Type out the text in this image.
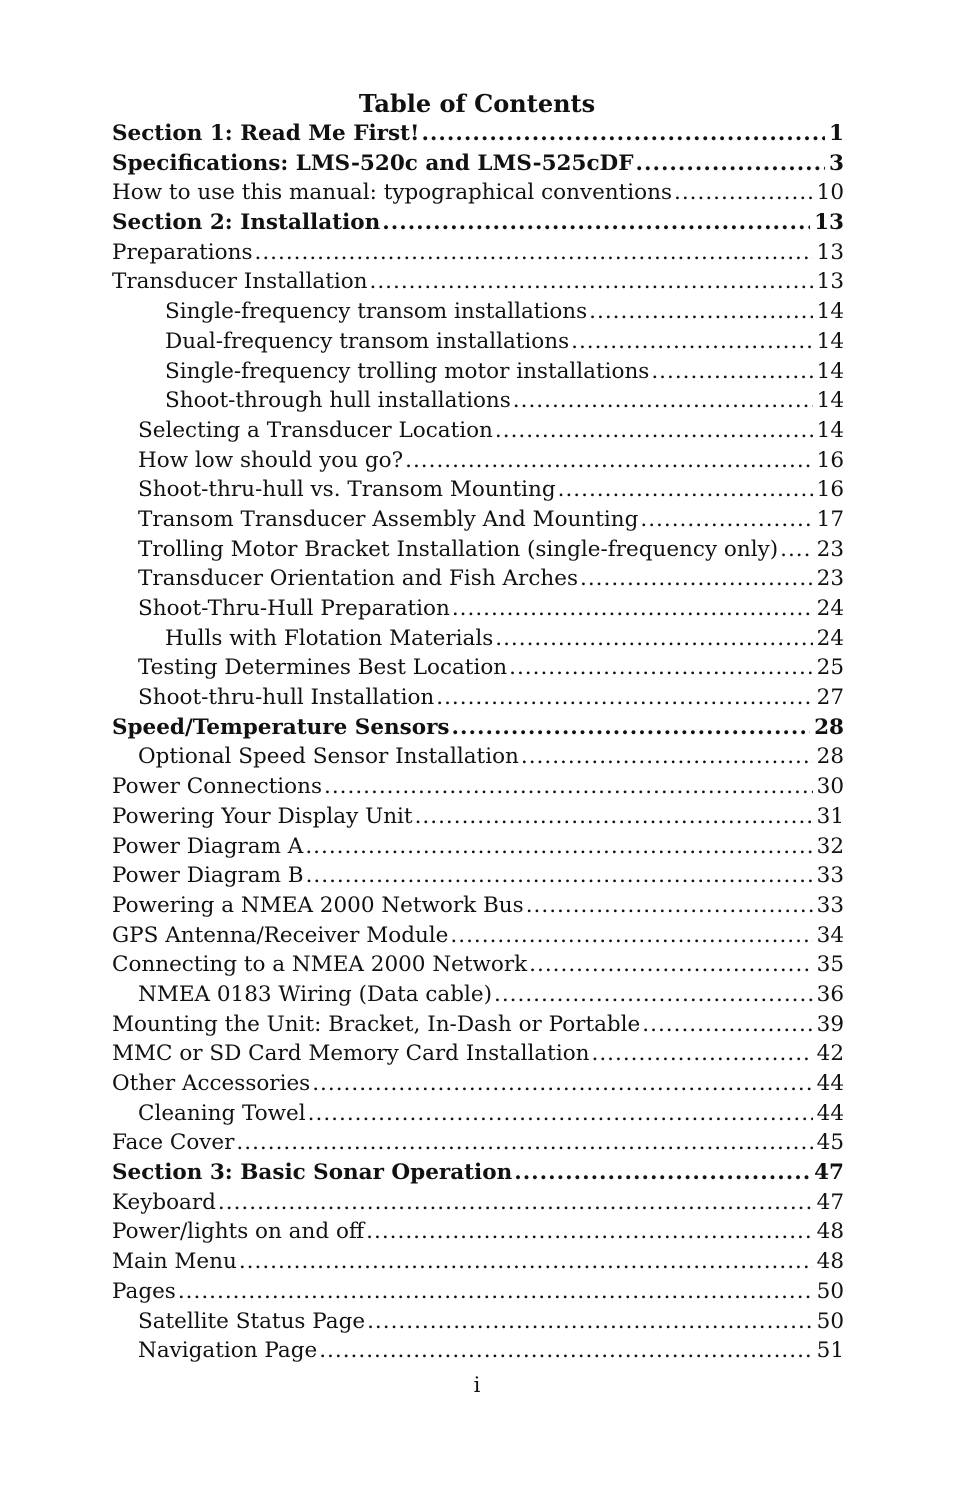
Table of Contents
Section 1: Read Me First! .....	1
Specifications: LMS-520c and LMS-525cDF .....	3
How to use this manual: typographical conventions .....	10
Section 2: Installation .....	13
Preparations .....	13
Transducer Installation .....	13
Single-frequency transom installations .....	14
Dual-frequency transom installations .....	14
Single-frequency trolling motor installations .....	14
Shoot-through hull installations .....	14
Selecting a Transducer Location .....	14
How low should you go? .....	16
Shoot-thru-hull vs. Transom Mounting .....	16
Transom Transducer Assembly And Mounting .....	17
Trolling Motor Bracket Installation (single-frequency only) ..... 23
Transducer Orientation and Fish Arches .....	23
Shoot-Thru-Hull Preparation .....	24
Hulls with Flotation Materials .....	24
Testing Determines Best Location .....	25
Shoot-thru-hull Installation .....	27
Speed/Temperature Sensors .....	28
Optional Speed Sensor Installation .....	28
Power Connections .....	30
Powering Your Display Unit .....	31
Power Diagram A .....	32
Power Diagram B .....	33
Powering a NMEA 2000 Network Bus .....	33
GPS Antenna/Receiver Module .....	34
Connecting to a NMEA 2000 Network .....	35
NMEA 0183 Wiring (Data cable) .....	36
Mounting the Unit: Bracket, In-Dash or Portable .....	39
MMC or SD Card Memory Card Installation .....	42
Other Accessories .....	44
Cleaning Towel .....	44
Face Cover .....	45
Section 3: Basic Sonar Operation .....	47
Keyboard .....	47
Power/lights on and off .....	48
Main Menu .....	48
Pages .....	50
Satellite Status Page .....	50
Navigation Page .....	51
i
